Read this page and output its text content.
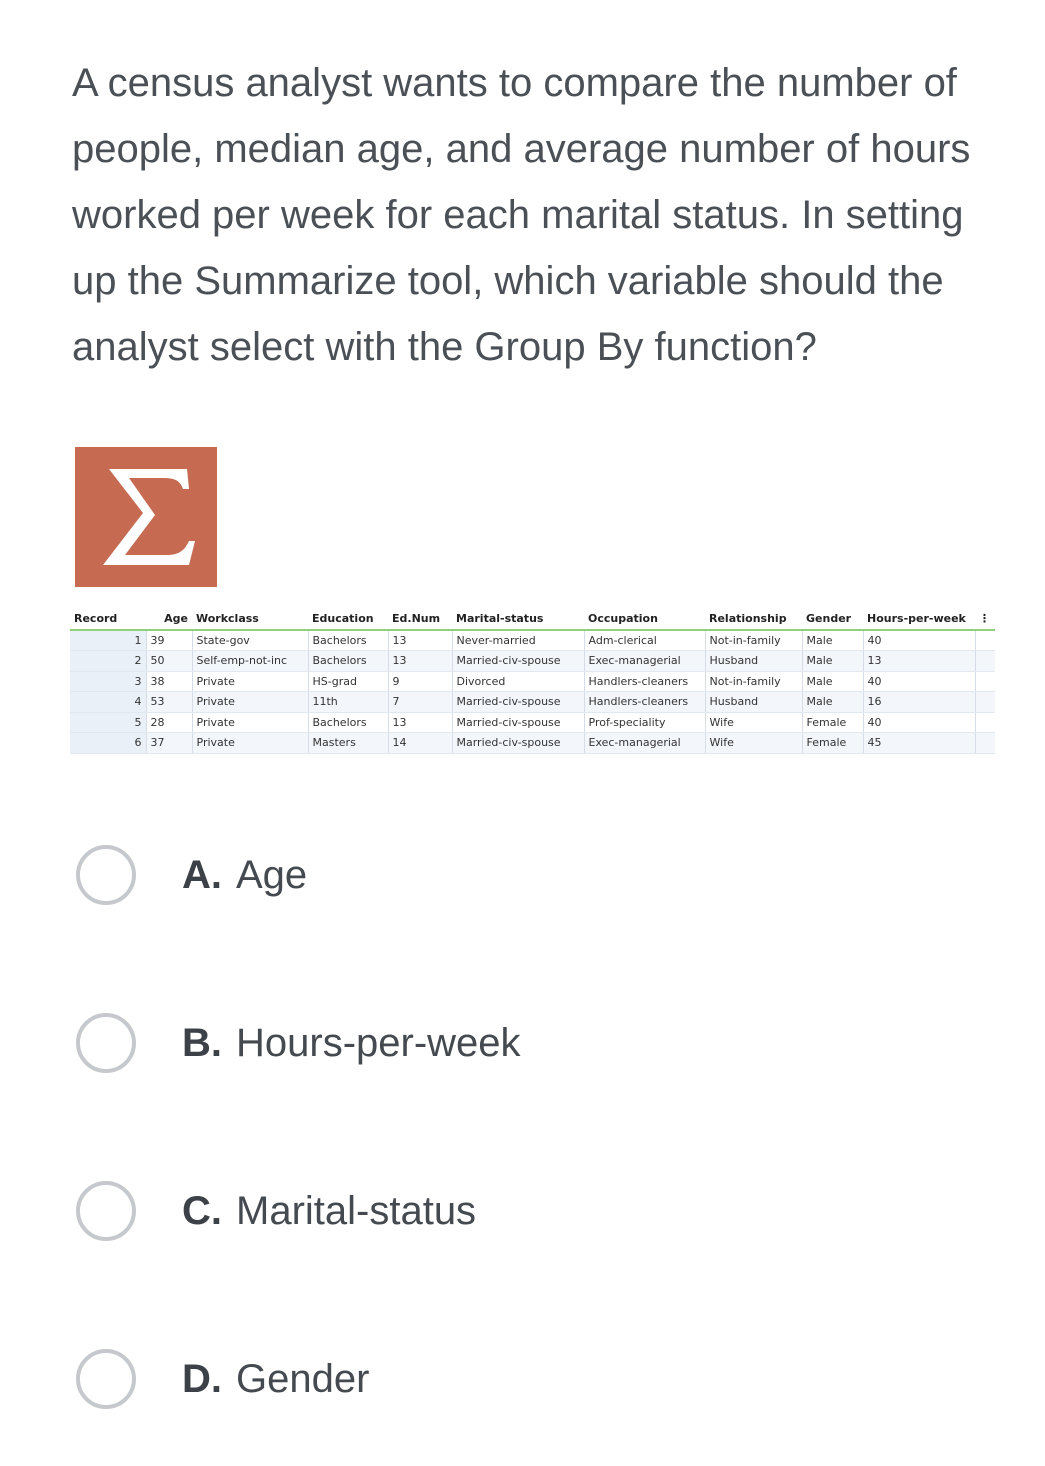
A census analyst wants to compare the number of people, median age, and average number of hours worked per week for each marital status. In setting up the Summarize tool, which variable should the analyst select with the Group By function?
Record	Age	Workclass	Education	Ed.Num	Marital-status	Occupation	Relationship	Gender	Hours-per-week	⋮
1	39	State-gov	Bachelors	13	Never-married	Adm-clerical	Not-in-family	Male	40	
2	50	Self-emp-not-inc	Bachelors	13	Married-civ-spouse	Exec-managerial	Husband	Male	13	
3	38	Private	HS-grad	9	Divorced	Handlers-cleaners	Not-in-family	Male	40	
4	53	Private	11th	7	Married-civ-spouse	Handlers-cleaners	Husband	Male	16	
5	28	Private	Bachelors	13	Married-civ-spouse	Prof-speciality	Wife	Female	40	
6	37	Private	Masters	14	Married-civ-spouse	Exec-managerial	Wife	Female	45	
A. Age
B. Hours-per-week
C. Marital-status
D. Gender
